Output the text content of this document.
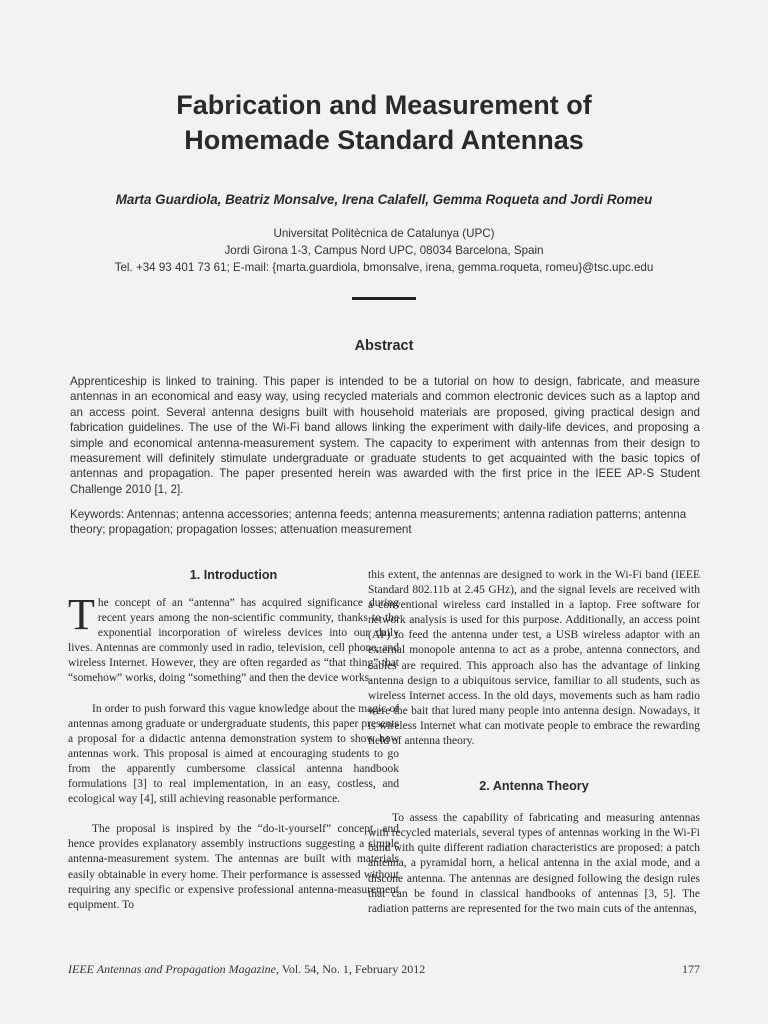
Fabrication and Measurement of
Homemade Standard Antennas
Marta Guardiola, Beatriz Monsalve, Irena Calafell, Gemma Roqueta and Jordi Romeu
Universitat Politècnica de Catalunya (UPC)
Jordi Girona 1-3, Campus Nord UPC, 08034 Barcelona, Spain
Tel. +34 93 401 73 61; E-mail: {marta.guardiola, bmonsalve, irena, gemma.roqueta, romeu}@tsc.upc.edu
Abstract
Apprenticeship is linked to training. This paper is intended to be a tutorial on how to design, fabricate, and measure antennas in an economical and easy way, using recycled materials and common electronic devices such as a laptop and an access point. Several antenna designs built with household materials are proposed, giving practical design and fabrication guidelines. The use of the Wi-Fi band allows linking the experiment with daily-life devices, and proposing a simple and economical antenna-measurement system. The capacity to experiment with antennas from their design to measurement will definitely stimulate undergraduate or graduate students to get acquainted with the basic topics of antennas and propagation. The paper presented herein was awarded with the first price in the IEEE AP-S Student Challenge 2010 [1, 2].
Keywords: Antennas; antenna accessories; antenna feeds; antenna measurements; antenna radiation patterns; antenna theory; propagation; propagation losses; attenuation measurement
1. Introduction

The concept of an “antenna” has acquired significance during recent years among the non-scientific community, thanks to the exponential incorporation of wireless devices into our daily lives. Antennas are commonly used in radio, television, cell phone, and wireless Internet. However, they are often regarded as “that thing” that “somehow” works, doing “something” and then the device works.

In order to push forward this vague knowledge about the magic of antennas among graduate or undergraduate students, this paper presents a proposal for a didactic antenna demonstration system to show how antennas work. This proposal is aimed at encouraging students to go from the apparently cumbersome classical antenna handbook formulations [3] to real implementation, in an easy, costless, and ecological way [4], still achieving reasonable performance.

The proposal is inspired by the “do-it-yourself” concept, and hence provides explanatory assembly instructions suggesting a simple antenna-measurement system. The antennas are built with materials easily obtainable in every home. Their performance is assessed without requiring any specific or expensive professional antenna-measurement equipment. To

this extent, the antennas are designed to work in the Wi-Fi band (IEEE Standard 802.11b at 2.45 GHz), and the signal levels are received with a conventional wireless card installed in a laptop. Free software for network analysis is used for this purpose. Additionally, an access point (AP) to feed the antenna under test, a USB wireless adaptor with an external monopole antenna to act as a probe, antenna connectors, and cables are required. This approach also has the advantage of linking antenna design to a ubiquitous service, familiar to all students, such as wireless Internet access. In the old days, movements such as ham radio were the bait that lured many people into antenna design. Nowadays, it is wireless Internet what can motivate people to embrace the rewarding field of antenna theory.

2. Antenna Theory

To assess the capability of fabricating and measuring antennas with recycled materials, several types of antennas working in the Wi-Fi band with quite different radiation characteristics are proposed: a patch antenna, a pyramidal horn, a helical antenna in the axial mode, and a discone antenna. The antennas are designed following the design rules that can be found in classical handbooks of antennas [3, 5]. The radiation patterns are represented for the two main cuts of the antennas,

IEEE Antennas and Propagation Magazine, Vol. 54, No. 1, February 2012	177
